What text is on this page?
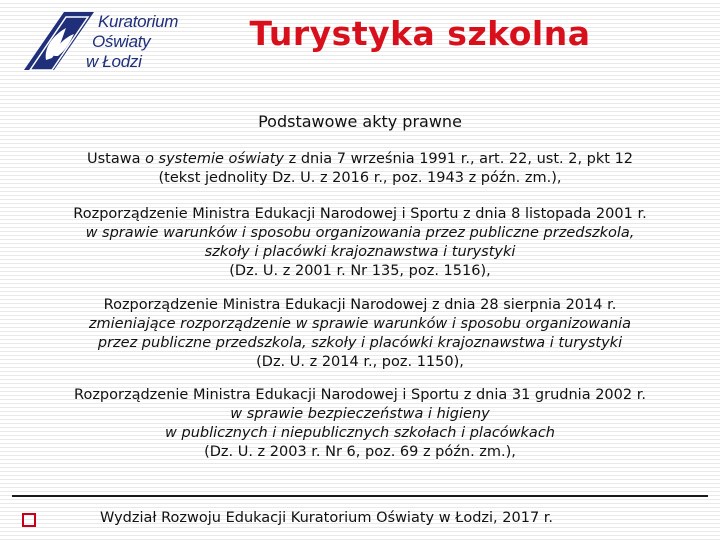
Kuratorium
Oświaty
w Łodzi
Turystyka szkolna
Podstawowe akty prawne
Ustawa o systemie oświaty z dnia 7 września 1991 r., art. 22, ust. 2, pkt 12
(tekst jednolity Dz. U. z 2016 r., poz. 1943 z późn. zm.),
Rozporządzenie Ministra Edukacji Narodowej i Sportu z dnia 8 listopada 2001 r.
w sprawie warunków i sposobu organizowania przez publiczne przedszkola,
szkoły i placówki krajoznawstwa i turystyki
(Dz. U. z 2001 r. Nr 135, poz. 1516),
Rozporządzenie Ministra Edukacji Narodowej z dnia 28 sierpnia 2014 r.
zmieniające rozporządzenie w sprawie warunków i sposobu organizowania
przez publiczne przedszkola, szkoły i placówki krajoznawstwa i turystyki
(Dz. U. z 2014 r., poz. 1150),
Rozporządzenie Ministra Edukacji Narodowej i Sportu z dnia 31 grudnia 2002 r.
w sprawie bezpieczeństwa i higieny
w publicznych i niepublicznych szkołach i placówkach
(Dz. U. z 2003 r. Nr 6, poz. 69 z późn. zm.),
Wydział Rozwoju Edukacji Kuratorium Oświaty w Łodzi, 2017 r.
